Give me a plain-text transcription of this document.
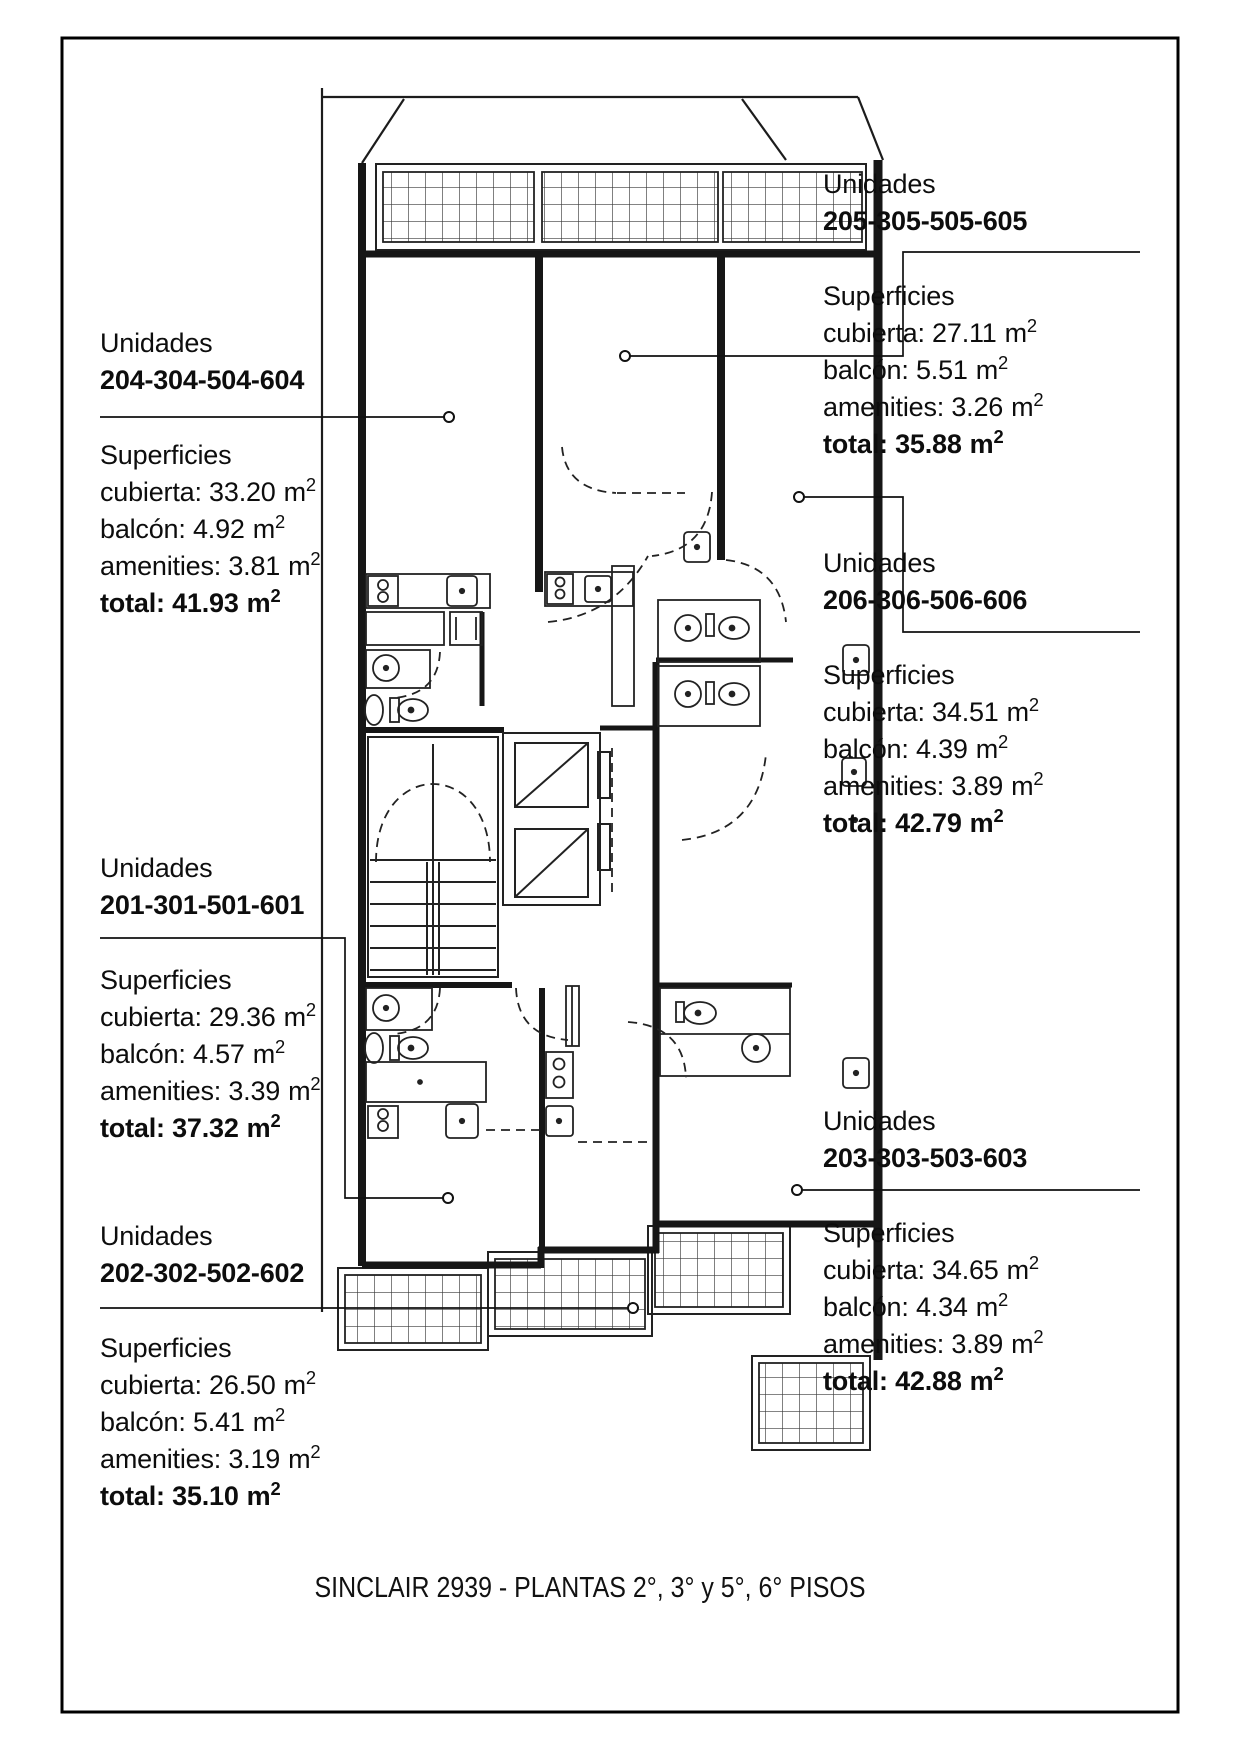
Unidades
204-304-504-604
Superficies
cubierta: 33.20 $m^2$
balcón: 4.92 $m^2$
amenities: 3.81 $m^2$
total: 41.93 $m^2$
Unidades
205-305-505-605
Superficies
cubierta: 27.11 $m^2$
balcón: 5.51 $m^2$
amenities: 3.26 $m^2$
total: 35.88 $m^2$
Unidades
206-306-506-606
Superficies
cubierta: 34.51 $m^2$
balcón: 4.39 $m^2$
amenities: 3.89 $m^2$
total: 42.79 $m^2$
Unidades
201-301-501-601
Superficies
cubierta: 29.36 $m^2$
balcón: 4.57 $m^2$
amenities: 3.39 $m^2$
total: 37.32 $m^2$
Unidades
202-302-502-602
Superficies
cubierta: 26.50 $m^2$
balcón: 5.41 $m^2$
amenities: 3.19 $m^2$
total: 35.10 $m^2$
Unidades
203-303-503-603
Superficies
cubierta: 34.65 $m^2$
balcón: 4.34 $m^2$
amenities: 3.89 $m^2$
total: 42.88 $m^2$
SINCLAIR 2939 - PLANTAS 2°, 3° y 5°, 6° PISOS
